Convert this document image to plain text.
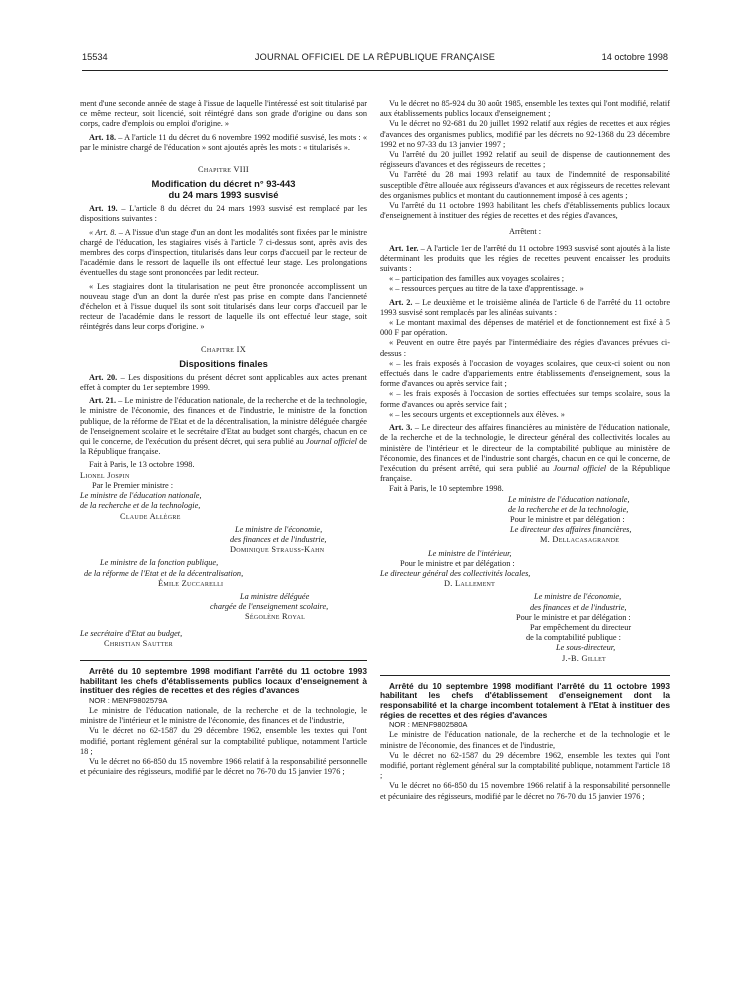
15534	JOURNAL OFFICIEL DE LA RÉPUBLIQUE FRANÇAISE	14 octobre 1998

ment d'une seconde année de stage à l'issue de laquelle l'intéressé est soit titularisé par ce même recteur, soit licencié, soit réintégré dans son grade d'origine ou dans son corps, cadre d'emplois ou emploi d'origine. »

Art. 18. – A l'article 11 du décret du 6 novembre 1992 modifié susvisé, les mots : « par le ministre chargé de l'éducation » sont ajoutés après les mots : « titularisés ».

Chapitre VIII
Modification du décret n° 93-443
du 24 mars 1993 susvisé

Art. 19. – L'article 8 du décret du 24 mars 1993 susvisé est remplacé par les dispositions suivantes :

« Art. 8. – A l'issue d'un stage d'un an dont les modalités sont fixées par le ministre chargé de l'éducation, les stagiaires visés à l'article 7 ci-dessus sont, après avis des membres des corps d'inspection, titularisés dans leur corps d'accueil par le recteur de l'académie dans le ressort de laquelle ils ont effectué leur stage. Les prolongations éventuelles du stage sont prononcées par ledit recteur.

« Les stagiaires dont la titularisation ne peut être prononcée accomplissent un nouveau stage d'un an dont la durée n'est pas prise en compte dans l'ancienneté d'échelon et à l'issue duquel ils sont soit titularisés dans leur corps d'accueil par le recteur de l'académie dans le ressort de laquelle ils ont effectué leur stage, soit réintégrés dans leur corps d'origine. »

Chapitre IX
Dispositions finales

Art. 20. – Les dispositions du présent décret sont applicables aux actes prenant effet à compter du 1er septembre 1999.

Art. 21. – Le ministre de l'éducation nationale, de la recherche et de la technologie, le ministre de l'économie, des finances et de l'industrie, le ministre de la fonction publique, de la réforme de l'Etat et de la décentralisation, la ministre déléguée chargée de l'enseignement scolaire et le secrétaire d'Etat au budget sont chargés, chacun en ce qui le concerne, de l'exécution du présent décret, qui sera publié au Journal officiel de la République française.

Fait à Paris, le 13 octobre 1998.

Lionel Jospin

Par le Premier ministre :

Le ministre de l'éducation nationale,

de la recherche et de la technologie,

Claude Allègre

Le ministre de l'économie,

des finances et de l'industrie,

Dominique Strauss-Kahn

Le ministre de la fonction publique,

de la réforme de l'Etat et de la décentralisation,

Émile Zuccarelli

La ministre déléguée

chargée de l'enseignement scolaire,

Ségolène Royal

Le secrétaire d'Etat au budget,

Christian Sautter

Arrêté du 10 septembre 1998 modifiant l'arrêté du 11 octobre 1993 habilitant les chefs d'établissements publics locaux d'enseignement à instituer des régies de recettes et des régies d'avances

NOR : MENF9802579A

Le ministre de l'éducation nationale, de la recherche et de la technologie, le ministre de l'intérieur et le ministre de l'économie, des finances et de l'industrie,

Vu le décret no 62-1587 du 29 décembre 1962, ensemble les textes qui l'ont modifié, portant règlement général sur la comptabilité publique, notamment l'article 18 ;

Vu le décret no 66-850 du 15 novembre 1966 relatif à la responsabilité personnelle et pécuniaire des régisseurs, modifié par le décret no 76-70 du 15 janvier 1976 ;

Vu le décret no 85-924 du 30 août 1985, ensemble les textes qui l'ont modifié, relatif aux établissements publics locaux d'enseignement ;

Vu le décret no 92-681 du 20 juillet 1992 relatif aux régies de recettes et aux régies d'avances des organismes publics, modifié par les décrets no 92-1368 du 23 décembre 1992 et no 97-33 du 13 janvier 1997 ;

Vu l'arrêté du 20 juillet 1992 relatif au seuil de dispense de cautionnement des régisseurs d'avances et des régisseurs de recettes ;

Vu l'arrêté du 28 mai 1993 relatif au taux de l'indemnité de responsabilité susceptible d'être allouée aux régisseurs d'avances et aux régisseurs de recettes relevant des organismes publics et montant du cautionnement imposé à ces agents ;

Vu l'arrêté du 11 octobre 1993 habilitant les chefs d'établissements publics locaux d'enseignement à instituer des régies de recettes et des régies d'avances,

Arrêtent :

Art. 1er. – A l'article 1er de l'arrêté du 11 octobre 1993 susvisé sont ajoutés à la liste déterminant les produits que les régies de recettes peuvent encaisser les produits suivants :

« – participation des familles aux voyages scolaires ;

« – ressources perçues au titre de la taxe d'apprentissage. »

Art. 2. – Le deuxième et le troisième alinéa de l'article 6 de l'arrêté du 11 octobre 1993 susvisé sont remplacés par les alinéas suivants :

« Le montant maximal des dépenses de matériel et de fonctionnement est fixé à 5 000 F par opération.

« Peuvent en outre être payés par l'intermédiaire des régies d'avances prévues ci-dessus :

« – les frais exposés à l'occasion de voyages scolaires, que ceux-ci soient ou non effectués dans le cadre d'appariements entre établissements d'enseignement, sous la forme d'avances ou après service fait ;

« – les frais exposés à l'occasion de sorties effectuées sur temps scolaire, sous la forme d'avances ou après service fait ;

« – les secours urgents et exceptionnels aux élèves. »

Art. 3. – Le directeur des affaires financières au ministère de l'éducation nationale, de la recherche et de la technologie, le directeur général des collectivités locales au ministère de l'intérieur et le directeur de la comptabilité publique au ministère de l'économie, des finances et de l'industrie sont chargés, chacun en ce qui le concerne, de l'exécution du présent arrêté, qui sera publié au Journal officiel de la République française.

Fait à Paris, le 10 septembre 1998.

Le ministre de l'éducation nationale,

de la recherche et de la technologie,

Pour le ministre et par délégation :

Le directeur des affaires financières,

M. Dellacasagrande

Le ministre de l'intérieur,

Pour le ministre et par délégation :

Le directeur général des collectivités locales,

D. Lallement

Le ministre de l'économie,

des finances et de l'industrie,

Pour le ministre et par délégation :

Par empêchement du directeur

de la comptabilité publique :

Le sous-directeur,

J.-B. Gillet

Arrêté du 10 septembre 1998 modifiant l'arrêté du 11 octobre 1993 habilitant les chefs d'établissement d'enseignement dont la responsabilité et la charge incombent totalement à l'Etat à instituer des régies de recettes et des régies d'avances

NOR : MENF9802580A

Le ministre de l'éducation nationale, de la recherche et de la technologie et le ministre de l'économie, des finances et de l'industrie,

Vu le décret no 62-1587 du 29 décembre 1962, ensemble les textes qui l'ont modifié, portant règlement général sur la comptabilité publique, notamment l'article 18 ;

Vu le décret no 66-850 du 15 novembre 1966 relatif à la responsabilité personnelle et pécuniaire des régisseurs, modifié par le décret no 76-70 du 15 janvier 1976 ;
